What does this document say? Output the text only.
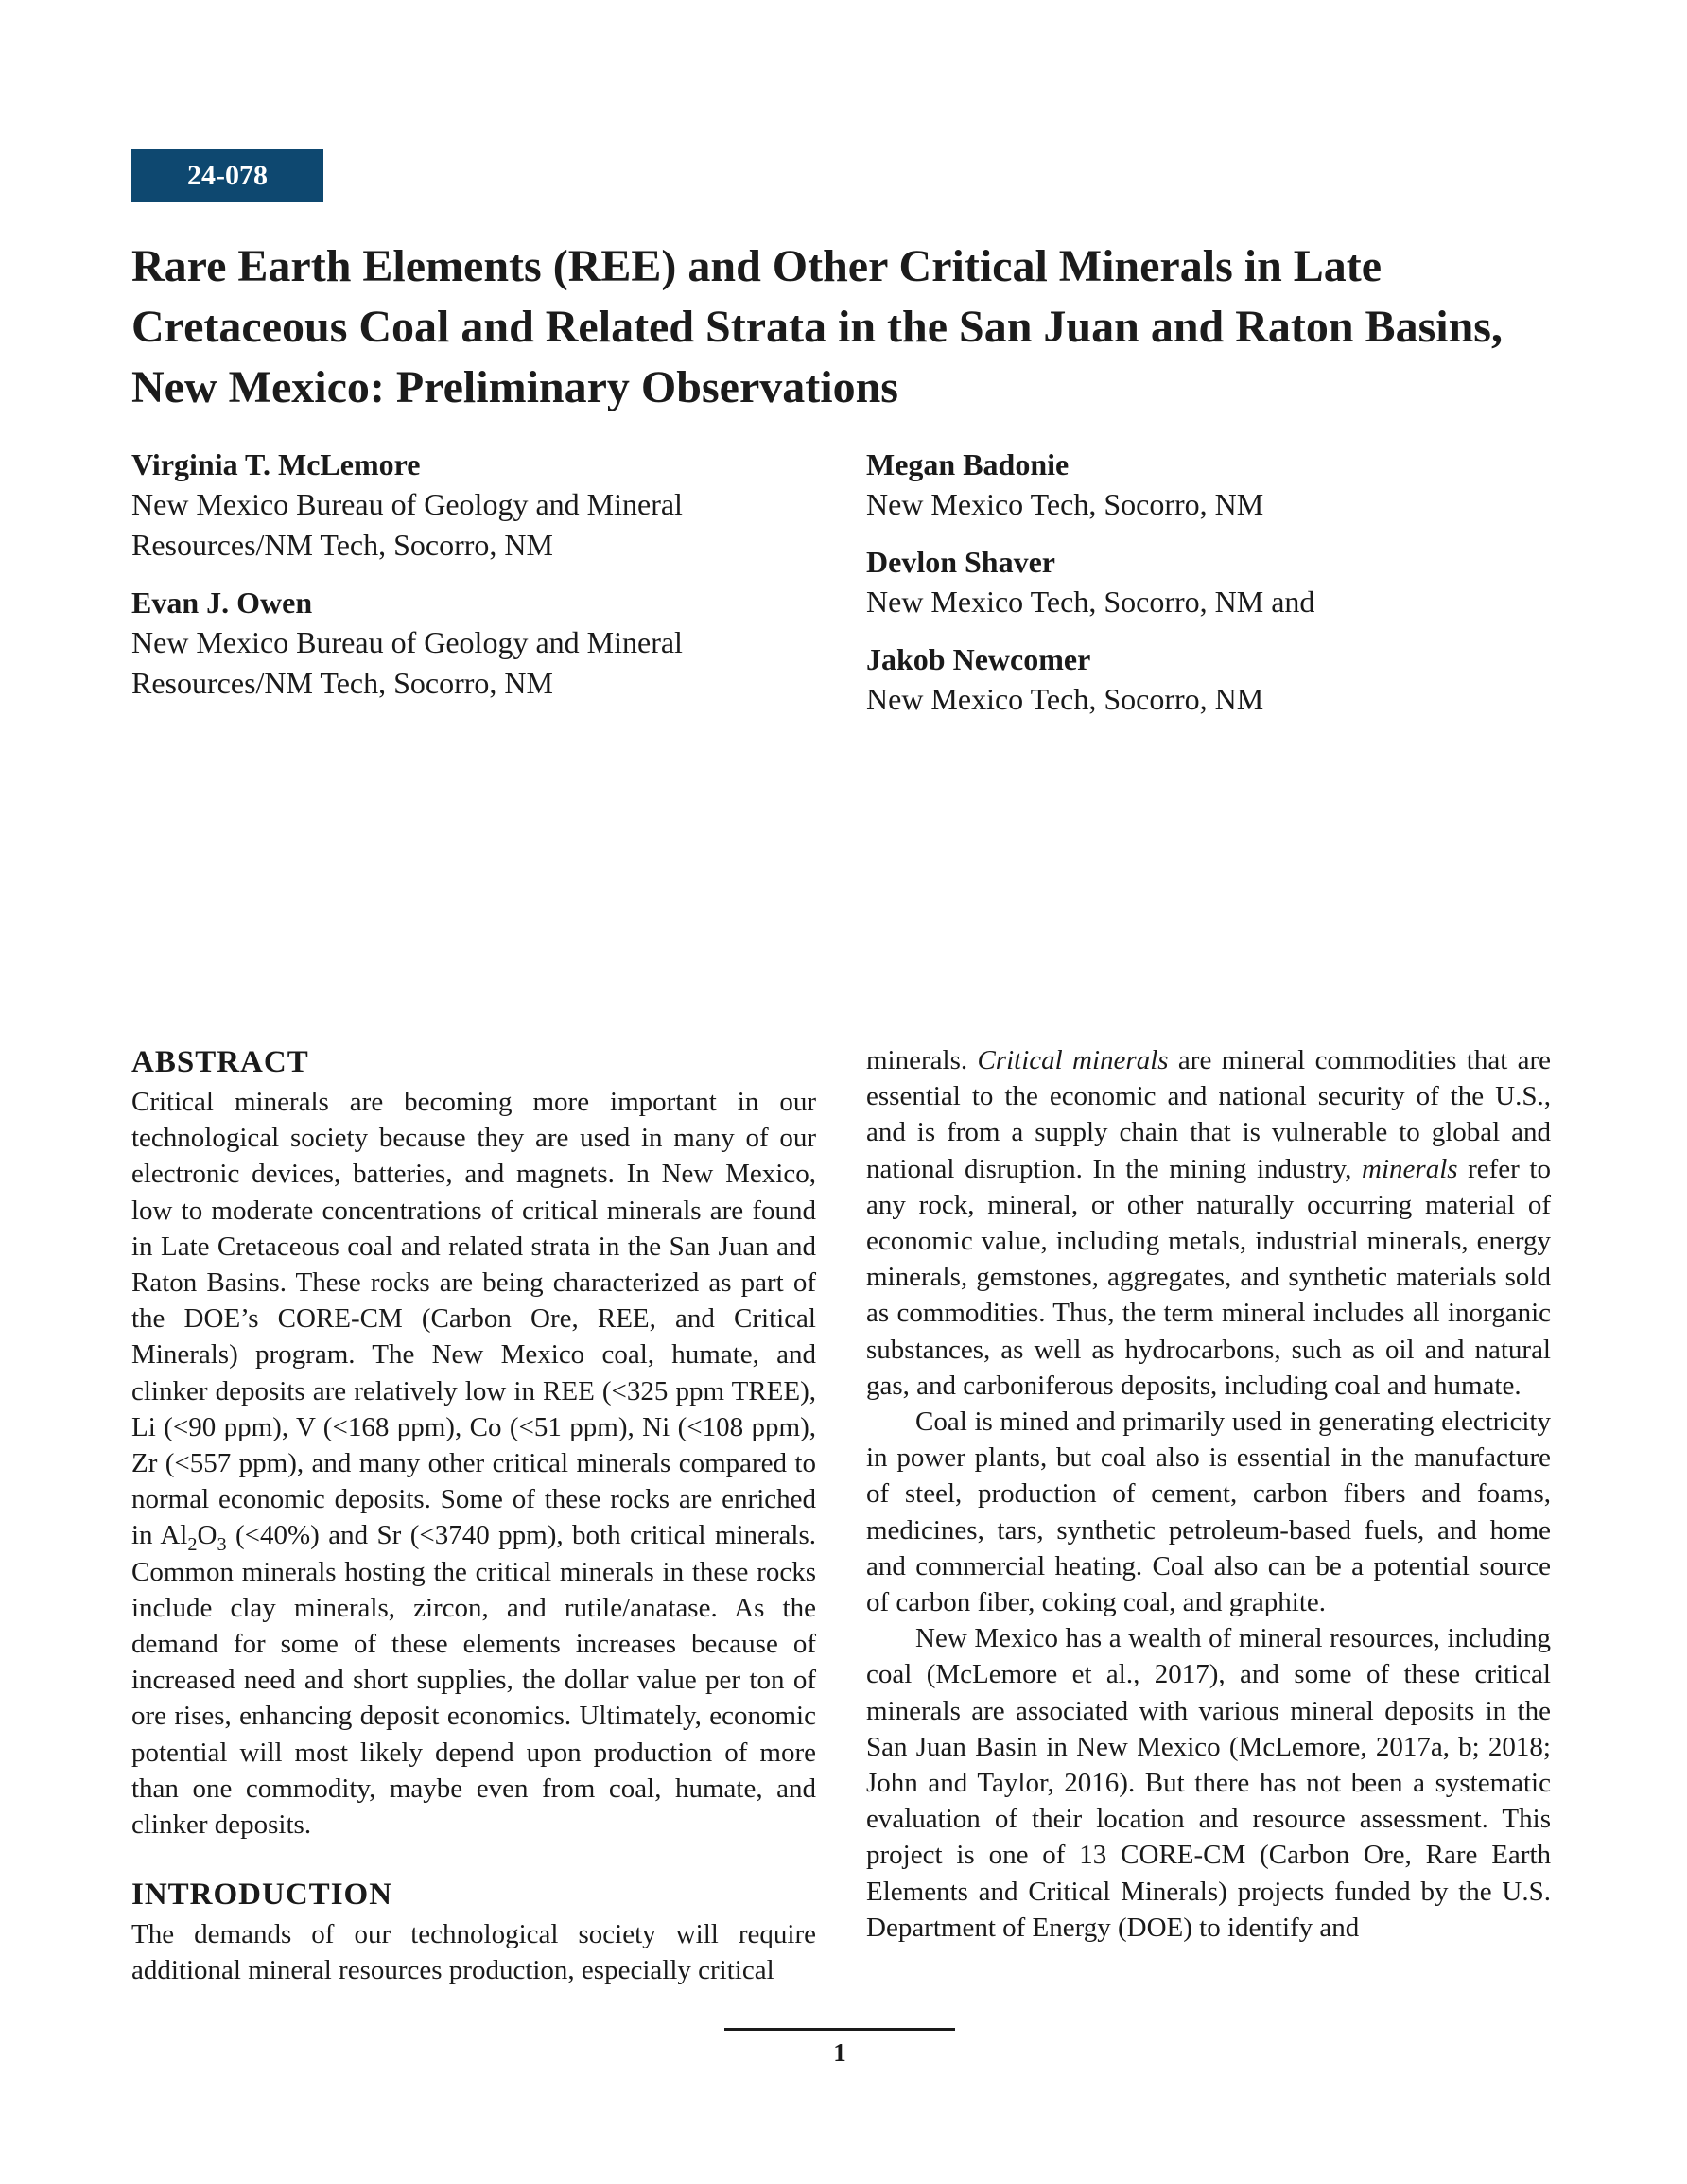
24-078
Rare Earth Elements (REE) and Other Critical Minerals in Late Cretaceous Coal and Related Strata in the San Juan and Raton Basins, New Mexico: Preliminary Observations
Virginia T. McLemore
New Mexico Bureau of Geology and Mineral Resources/NM Tech, Socorro, NM
Evan J. Owen
New Mexico Bureau of Geology and Mineral Resources/NM Tech, Socorro, NM
Megan Badonie
New Mexico Tech, Socorro, NM
Devlon Shaver
New Mexico Tech, Socorro, NM and
Jakob Newcomer
New Mexico Tech, Socorro, NM
ABSTRACT

Critical minerals are becoming more important in our technological society because they are used in many of our electronic devices, batteries, and magnets. In New Mexico, low to moderate concentrations of critical minerals are found in Late Cretaceous coal and related strata in the San Juan and Raton Basins. These rocks are being characterized as part of the DOE’s CORE-CM (Carbon Ore, REE, and Critical Minerals) program. The New Mexico coal, humate, and clinker deposits are relatively low in REE (<325 ppm TREE), Li (<90 ppm), V (<168 ppm), Co (<51 ppm), Ni (<108 ppm), Zr (<557 ppm), and many other critical minerals compared to normal economic deposits. Some of these rocks are enriched in $Al_2O_3$ (<40%) and Sr (<3740 ppm), both critical minerals. Common minerals hosting the critical minerals in these rocks include clay minerals, zircon, and rutile/anatase. As the demand for some of these elements increases because of increased need and short supplies, the dollar value per ton of ore rises, enhancing deposit economics. Ultimately, economic potential will most likely depend upon production of more than one commodity, maybe even from coal, humate, and clinker deposits.

INTRODUCTION

The demands of our technological society will require additional mineral resources production, especially critical

minerals. Critical minerals are mineral commodities that are essential to the economic and national security of the U.S., and is from a supply chain that is vulnerable to global and national disruption. In the mining industry, minerals refer to any rock, mineral, or other naturally occurring material of economic value, including metals, industrial minerals, energy minerals, gemstones, aggregates, and synthetic materials sold as commodities. Thus, the term mineral includes all inorganic substances, as well as hydrocarbons, such as oil and natural gas, and carboniferous deposits, including coal and humate.

Coal is mined and primarily used in generating electricity in power plants, but coal also is essential in the manufacture of steel, production of cement, carbon fibers and foams, medicines, tars, synthetic petroleum-based fuels, and home and commercial heating. Coal also can be a potential source of carbon fiber, coking coal, and graphite.

New Mexico has a wealth of mineral resources, including coal (McLemore et al., 2017), and some of these critical minerals are associated with various mineral deposits in the San Juan Basin in New Mexico (McLemore, 2017a, b; 2018; John and Taylor, 2016). But there has not been a systematic evaluation of their location and resource assessment. This project is one of 13 CORE-CM (Carbon Ore, Rare Earth Elements and Critical Minerals) projects funded by the U.S. Department of Energy (DOE) to identify and

1
